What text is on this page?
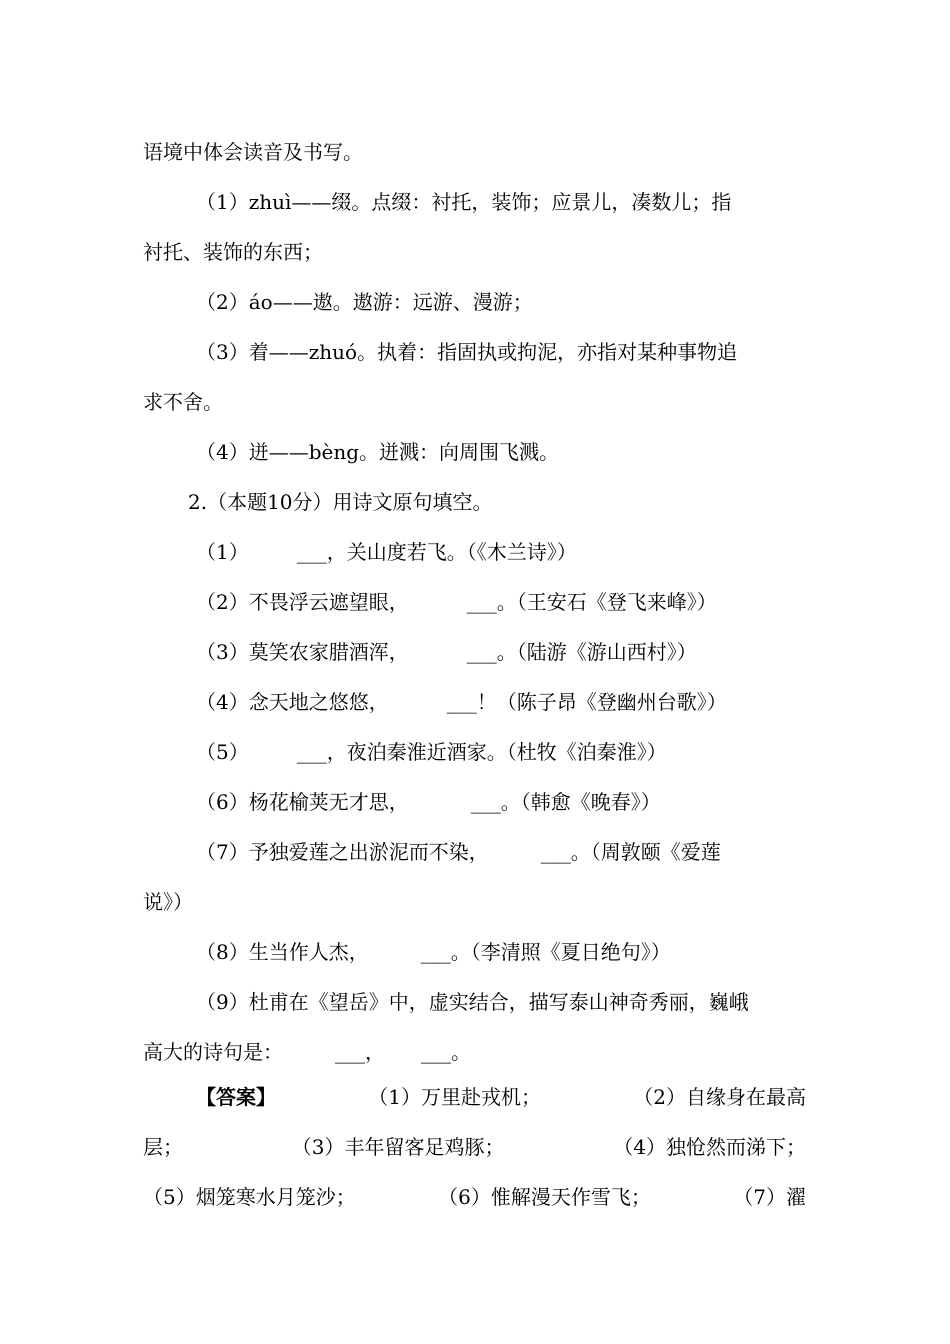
语境中体会读音及书写。
（1）zhuì——缀。点缀：衬托，装饰；应景儿，凑数儿；指
衬托、装饰的东西；
（2）áo——遨。遨游：远游、漫游；
（3）着——zhuó。执着：指固执或拘泥，亦指对某种事物追
求不舍。
（4）迸——bèng。迸溅：向周围飞溅。
2.（本题10分）用诗文原句填空。
（1） ___，关山度若飞。（《木兰诗》）
（2）不畏浮云遮望眼，	___。（王安石《登飞来峰》）
（3）莫笑农家腊酒浑，	___。（陆游《游山西村》）
（4）念天地之悠悠，	___！（陈子昂《登幽州台歌》）
（5） ___，夜泊秦淮近酒家。（杜牧《泊秦淮》）
（6）杨花榆荚无才思，	___。（韩愈《晚春》）
（7）予独爱莲之出淤泥而不染，	___。（周敦颐《爱莲
说》）
（8）生当作人杰，	___。（李清照《夏日绝句》）
（9）杜甫在《望岳》中，虚实结合，描写泰山神奇秀丽，巍峨
高大的诗句是：	___， ___。
【答案】	（1）万里赴戎机；	（2）自缘身在最高
层；	（3）丰年留客足鸡豚；	（4）独怆然而涕下；
（5）烟笼寒水月笼沙；	（6）惟解漫天作雪飞；	（7）濯
